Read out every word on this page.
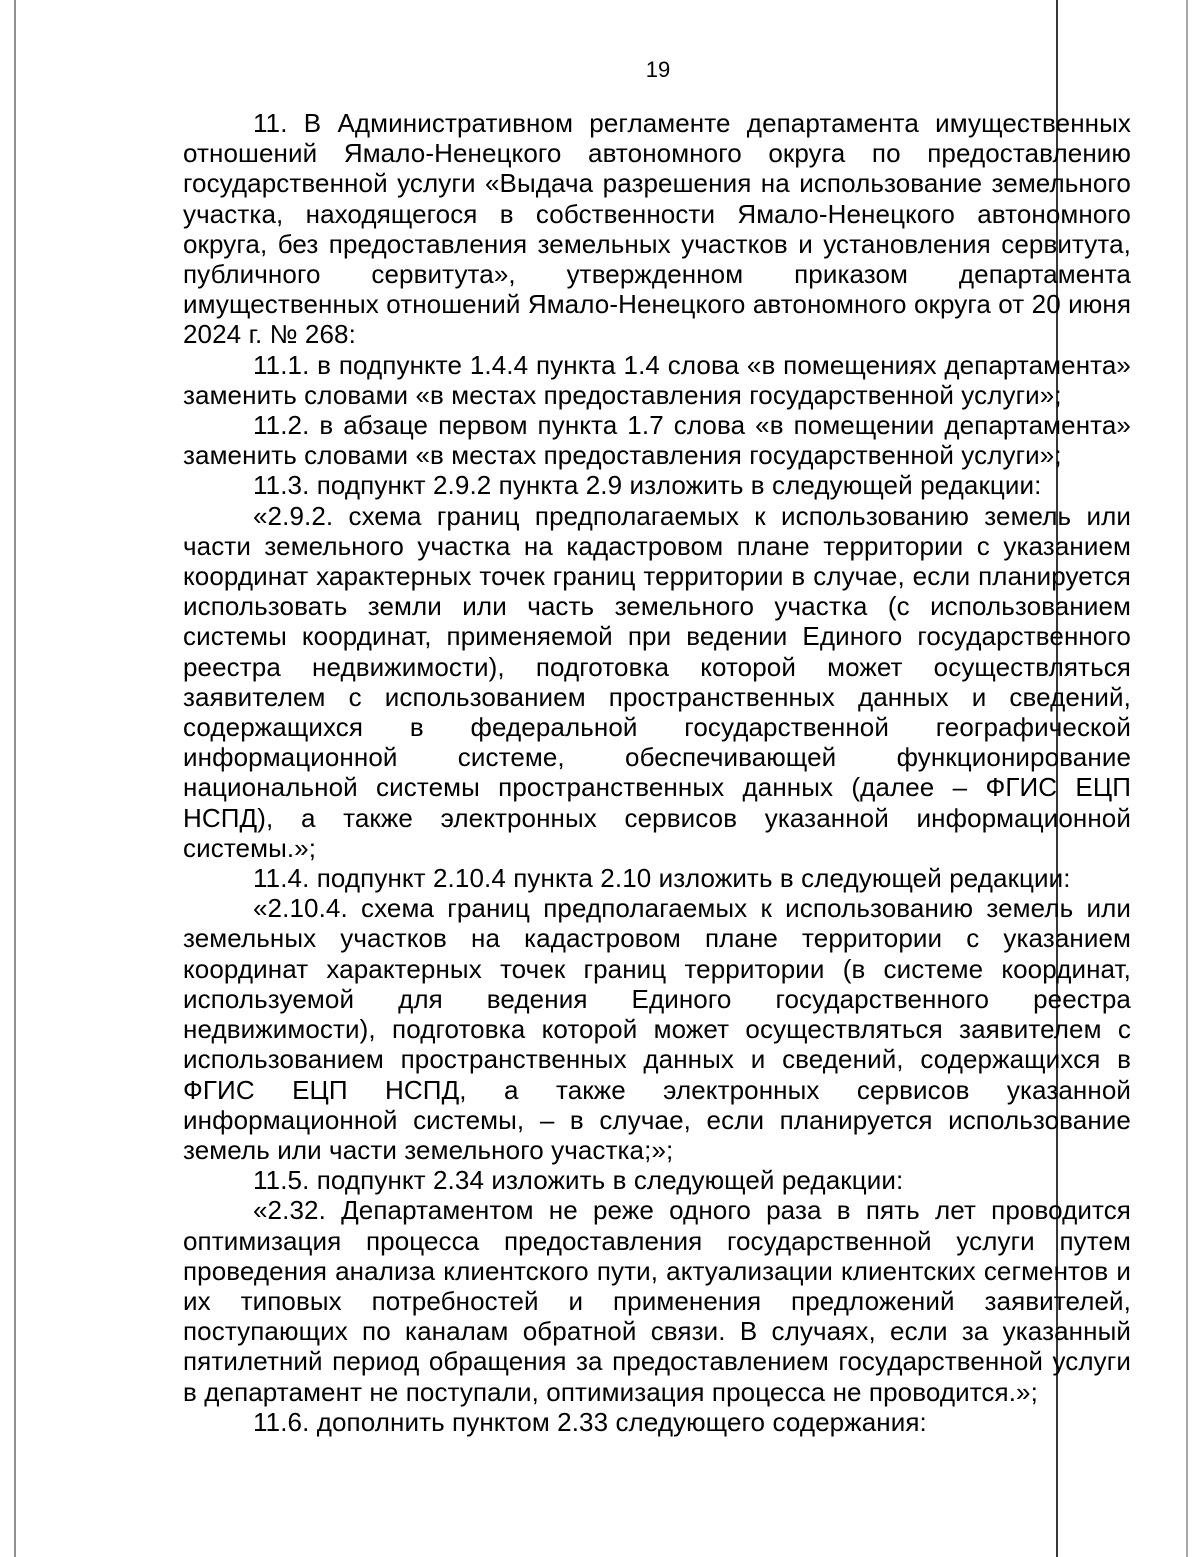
19

11. В Административном регламенте департамента имущественных отношений Ямало-Ненецкого автономного округа по предоставлению государственной услуги «Выдача разрешения на использование земельного участка, находящегося в собственности Ямало-Ненецкого автономного округа, без предоставления земельных участков и установления сервитута, публичного сервитута», утвержденном приказом департамента имущественных отношений Ямало-Ненецкого автономного округа от 20 июня 2024 г. № 268:

11.1. в подпункте 1.4.4 пункта 1.4 слова «в помещениях департамента» заменить словами «в местах предоставления государственной услуги»;

11.2. в абзаце первом пункта 1.7 слова «в помещении департамента» заменить словами «в местах предоставления государственной услуги»;

11.3. подпункт 2.9.2 пункта 2.9 изложить в следующей редакции:

«2.9.2. схема границ предполагаемых к использованию земель или части земельного участка на кадастровом плане территории с указанием координат характерных точек границ территории в случае, если планируется использовать земли или часть земельного участка (с использованием системы координат, применяемой при ведении Единого государственного реестра недвижимости), подготовка которой может осуществляться заявителем с использованием пространственных данных и сведений, содержащихся в федеральной государственной географической информационной системе, обеспечивающей функционирование национальной системы пространственных данных (далее – ФГИС ЕЦП НСПД), а также электронных сервисов указанной информационной системы.»;

11.4. подпункт 2.10.4 пункта 2.10 изложить в следующей редакции:

«2.10.4. схема границ предполагаемых к использованию земель или земельных участков на кадастровом плане территории с указанием координат характерных точек границ территории (в системе координат, используемой для ведения Единого государственного реестра недвижимости), подготовка которой может осуществляться заявителем с использованием пространственных данных и сведений, содержащихся в ФГИС ЕЦП НСПД, а также электронных сервисов указанной информационной системы, – в случае, если планируется использование земель или части земельного участка;»;

11.5. подпункт 2.34 изложить в следующей редакции:

«2.32. Департаментом не реже одного раза в пять лет проводится оптимизация процесса предоставления государственной услуги путем проведения анализа клиентского пути, актуализации клиентских сегментов и их типовых потребностей и применения предложений заявителей, поступающих по каналам обратной связи. В случаях, если за указанный пятилетний период обращения за предоставлением государственной услуги в департамент не поступали, оптимизация процесса не проводится.»;

11.6. дополнить пунктом 2.33 следующего содержания:
